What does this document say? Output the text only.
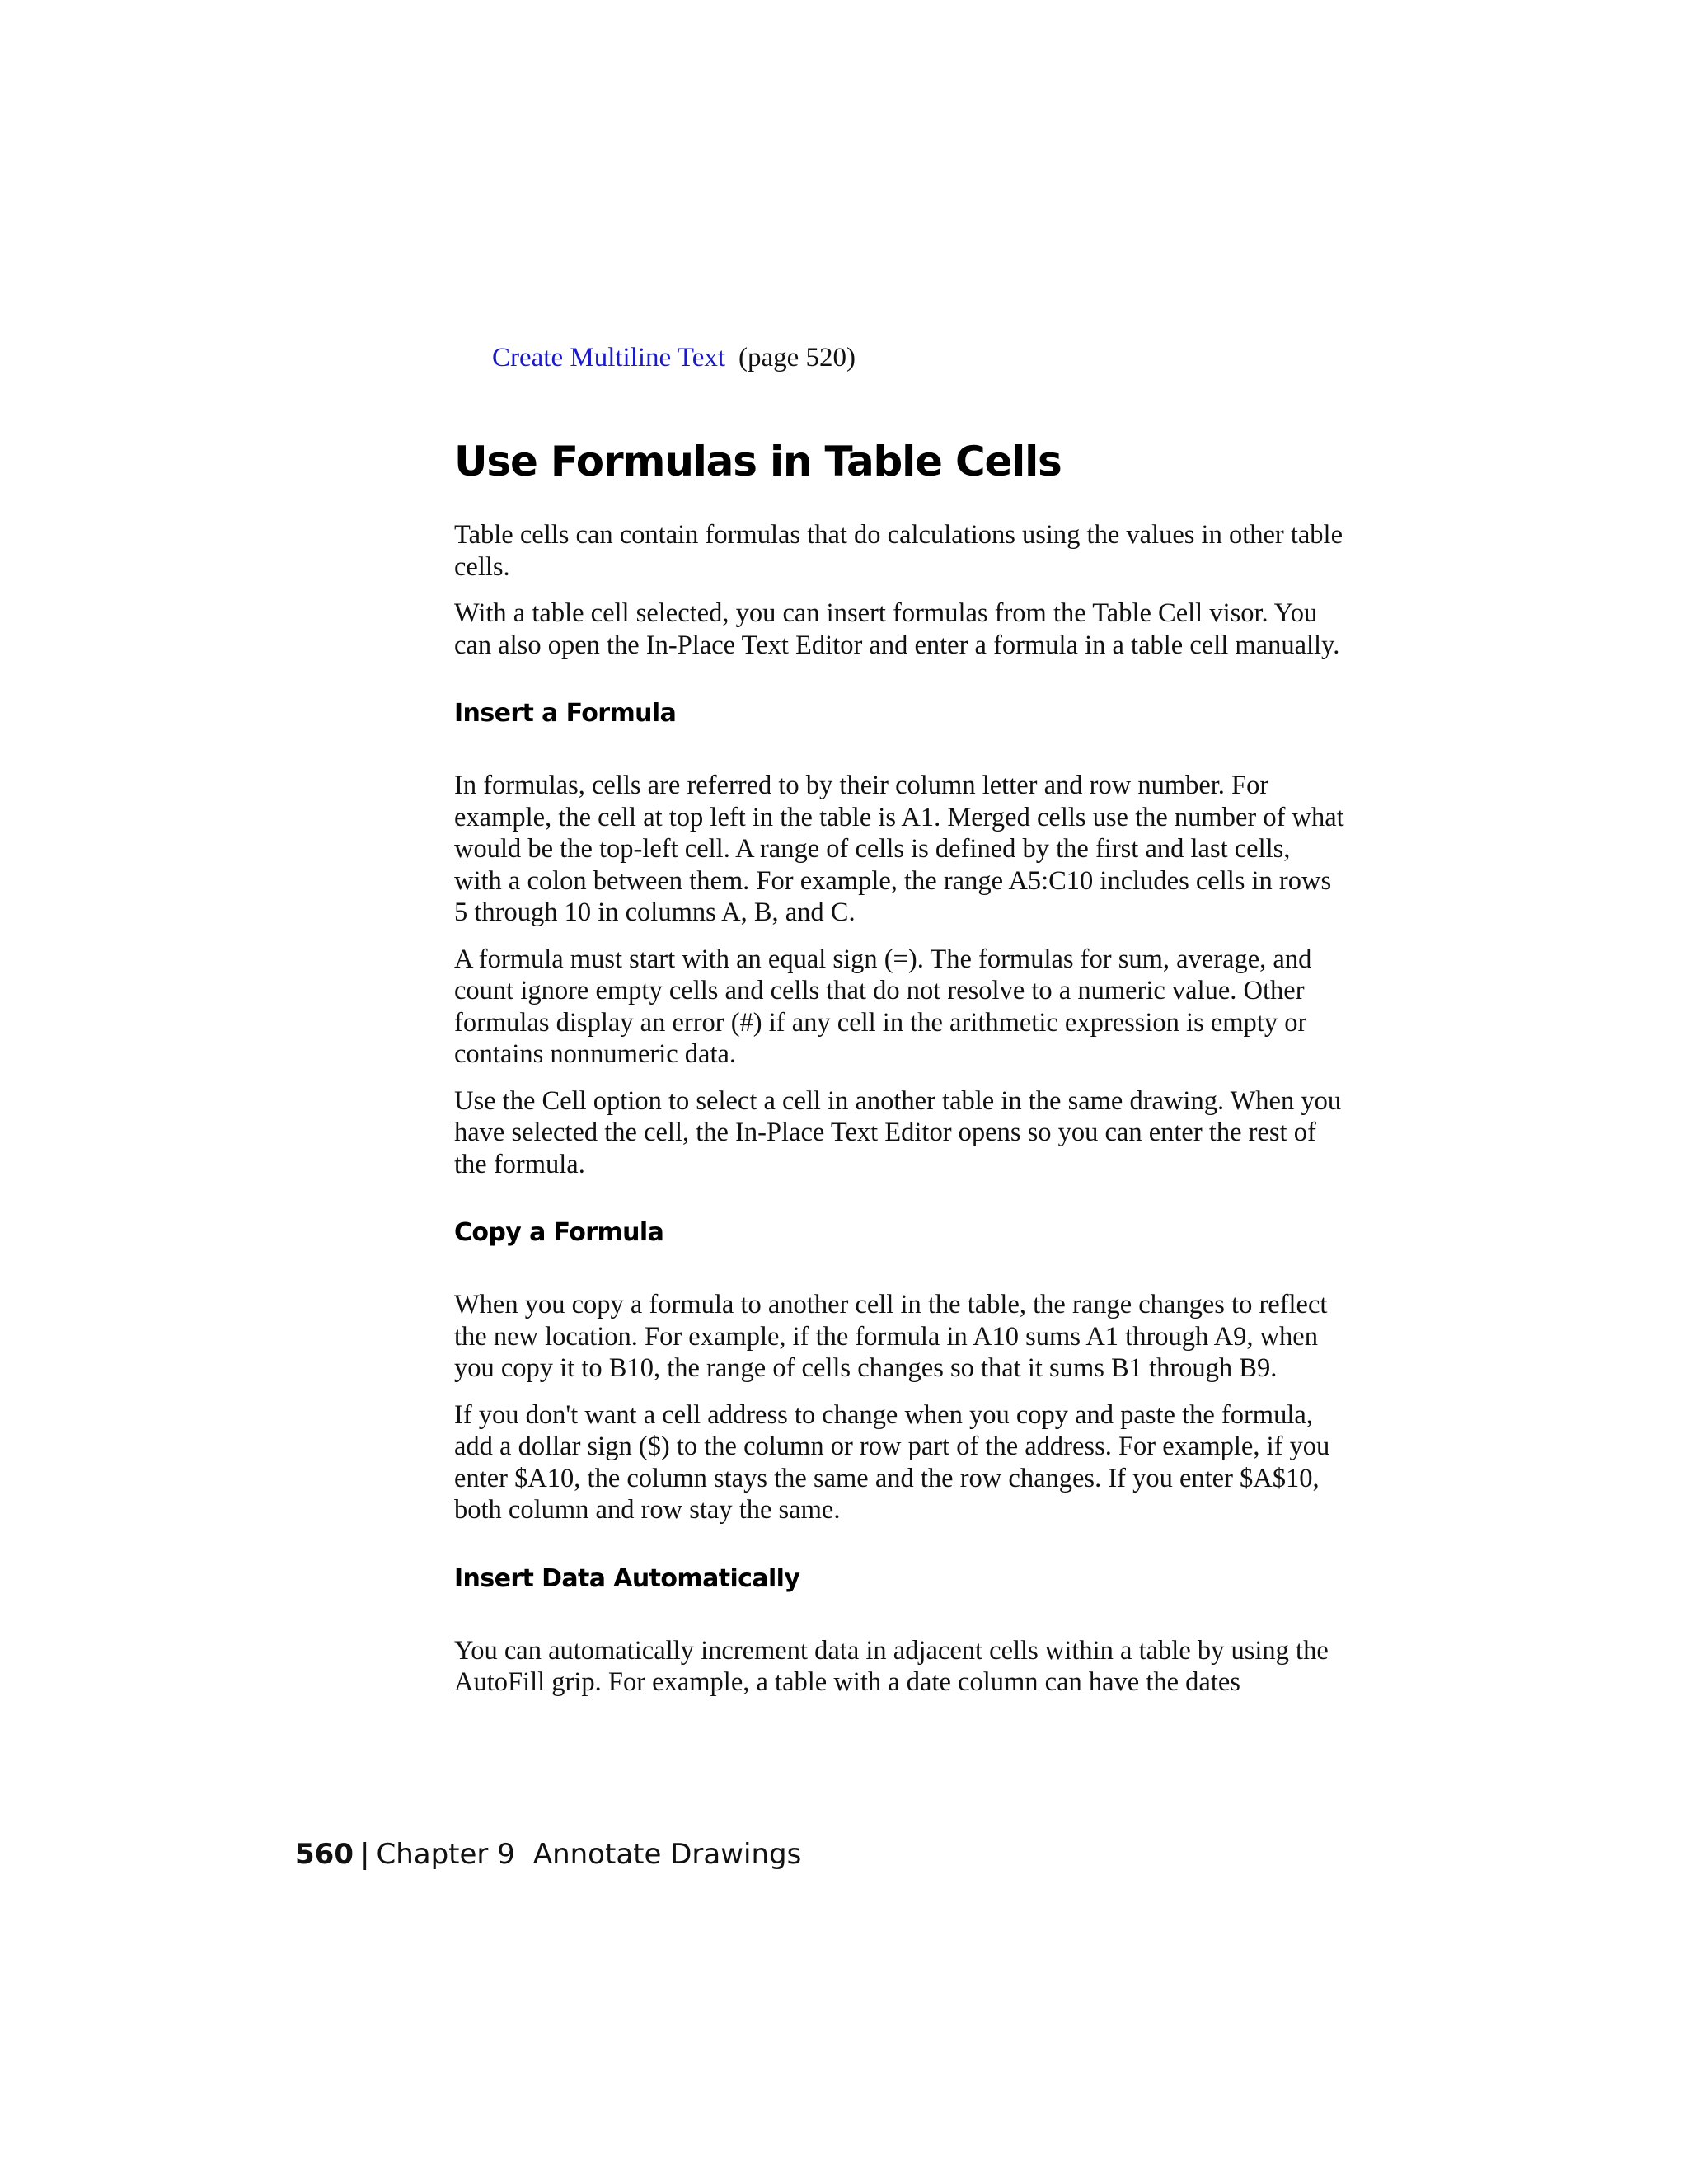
Create Multiline Text (page 520)
Use Formulas in Table Cells

Table cells can contain formulas that do calculations using the values in other table cells.

With a table cell selected, you can insert formulas from the Table Cell visor. You can also open the In-Place Text Editor and enter a formula in a table cell manually.

Insert a Formula

In formulas, cells are referred to by their column letter and row number. For example, the cell at top left in the table is A1. Merged cells use the number of what would be the top-left cell. A range of cells is defined by the first and last cells, with a colon between them. For example, the range A5:C10 includes cells in rows 5 through 10 in columns A, B, and C.

A formula must start with an equal sign (=). The formulas for sum, average, and count ignore empty cells and cells that do not resolve to a numeric value. Other formulas display an error (#) if any cell in the arithmetic expression is empty or contains nonnumeric data.

Use the Cell option to select a cell in another table in the same drawing. When you have selected the cell, the In-Place Text Editor opens so you can enter the rest of the formula.

Copy a Formula

When you copy a formula to another cell in the table, the range changes to reflect the new location. For example, if the formula in A10 sums A1 through A9, when you copy it to B10, the range of cells changes so that it sums B1 through B9.

If you don't want a cell address to change when you copy and paste the formula, add a dollar sign ($) to the column or row part of the address. For example, if you enter $A10, the column stays the same and the row changes. If you enter $A$10, both column and row stay the same.

Insert Data Automatically

You can automatically increment data in adjacent cells within a table by using the AutoFill grip. For example, a table with a date column can have the dates

560 | Chapter 9 Annotate Drawings
